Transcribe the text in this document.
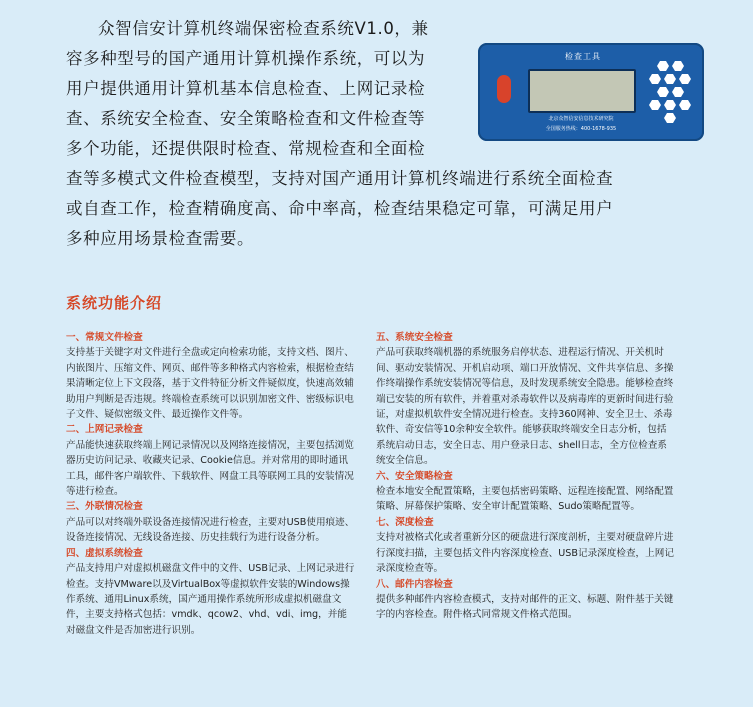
众智信安计算机终端保密检查系统V1.0，兼
容多种型号的国产通用计算机操作系统，可以为
用户提供通用计算机基本信息检查、上网记录检
查、系统安全检查、安全策略检查和文件检查等
多个功能，还提供限时检查、常规检查和全面检
查等多模式文件检查模型，支持对国产通用计算机终端进行系统全面检查
或自查工作，检查精确度高、命中率高，检查结果稳定可靠，可满足用户
多种应用场景检查需要。
检查工具
北京众智信安信息技术研究院
全国服务热线：400-1678-935
系统功能介绍
一、常规文件检查

支持基于关键字对文件进行全盘或定向检索功能，支持文档、图片、内嵌图片、压缩文件、网页、邮件等多种格式内容检索，根据检查结果清晰定位上下文段落，基于文件特征分析文件疑似度，快速高效辅助用户判断是否违规。终端检查系统可以识别加密文件、密级标识电子文件、疑似密级文件、最近操作文件等。

二、上网记录检查

产品能快速获取终端上网记录情况以及网络连接情况，主要包括浏览器历史访问记录、收藏夹记录、Cookie信息。并对常用的即时通讯工具，邮件客户端软件、下载软件、网盘工具等联网工具的安装情况等进行检查。

三、外联情况检查

产品可以对终端外联设备连接情况进行检查，主要对USB使用痕迹、设备连接情况、无线设备连接、历史挂载行为进行设备分析。

四、虚拟系统检查

产品支持用户对虚拟机磁盘文件中的文件、USB记录、上网记录进行检查。支持VMware以及VirtualBox等虚拟软件安装的Windows操作系统、通用Linux系统，国产通用操作系统所形成虚拟机磁盘文件，主要支持格式包括：vmdk、qcow2、vhd、vdi、img，并能对磁盘文件是否加密进行识别。

五、系统安全检查

产品可获取终端机器的系统服务启停状态、进程运行情况、开关机时间、驱动安装情况、开机启动项、端口开放情况、文件共享信息、多操作终端操作系统安装情况等信息，及时发现系统安全隐患。能够检查终端已安装的所有软件，并着重对杀毒软件以及病毒库的更新时间进行验证，对虚拟机软件安全情况进行检查。支持360网神、安全卫士、杀毒软件、奇安信等10余种安全软件。能够获取终端安全日志分析，包括系统启动日志，安全日志、用户登录日志、shell日志，全方位检查系统安全信息。

六、安全策略检查

检查本地安全配置策略，主要包括密码策略、远程连接配置、网络配置策略、屏幕保护策略、安全审计配置策略、Sudo策略配置等。

七、深度检查

支持对被格式化或者重新分区的硬盘进行深度剖析，主要对硬盘碎片进行深度扫描，主要包括文件内容深度检查、USB记录深度检查，上网记录深度检查等。

八、邮件内容检查

提供多种邮件内容检查模式，支持对邮件的正文、标题、附件基于关键字的内容检查。附件格式同常规文件格式范围。
